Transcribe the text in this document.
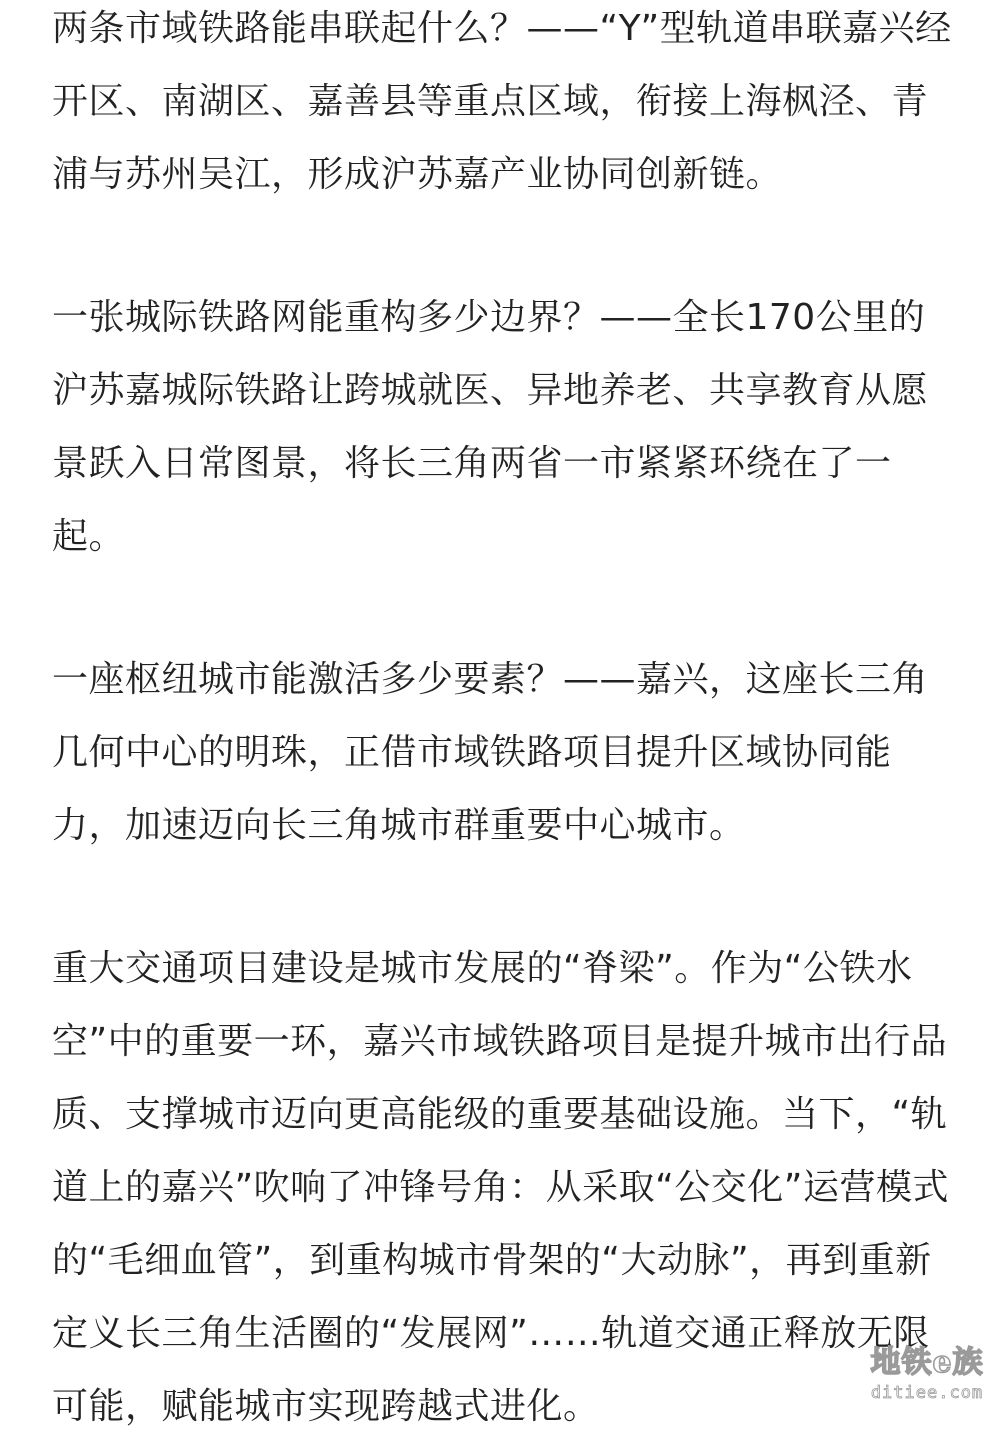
两条市域铁路能串联起什么？——“Y”型轨道串联嘉兴经开区、南湖区、嘉善县等重点区域，衔接上海枫泾、青浦与苏州吴江，形成沪苏嘉产业协同创新链。

一张城际铁路网能重构多少边界？——全长170公里的沪苏嘉城际铁路让跨城就医、异地养老、共享教育从愿景跃入日常图景，将长三角两省一市紧紧环绕在了一起。

一座枢纽城市能激活多少要素？——嘉兴，这座长三角几何中心的明珠，正借市域铁路项目提升区域协同能力，加速迈向长三角城市群重要中心城市。

重大交通项目建设是城市发展的“脊梁”。作为“公铁水空”中的重要一环，嘉兴市域铁路项目是提升城市出行品质、支撑城市迈向更高能级的重要基础设施。当下，“轨道上的嘉兴”吹响了冲锋号角：从采取“公交化”运营模式的“毛细血管”，到重构城市骨架的“大动脉”，再到重新定义长三角生活圈的“发展网”……轨道交通正释放无限可能，赋能城市实现跨越式进化。

地铁e族
ditiee.com
